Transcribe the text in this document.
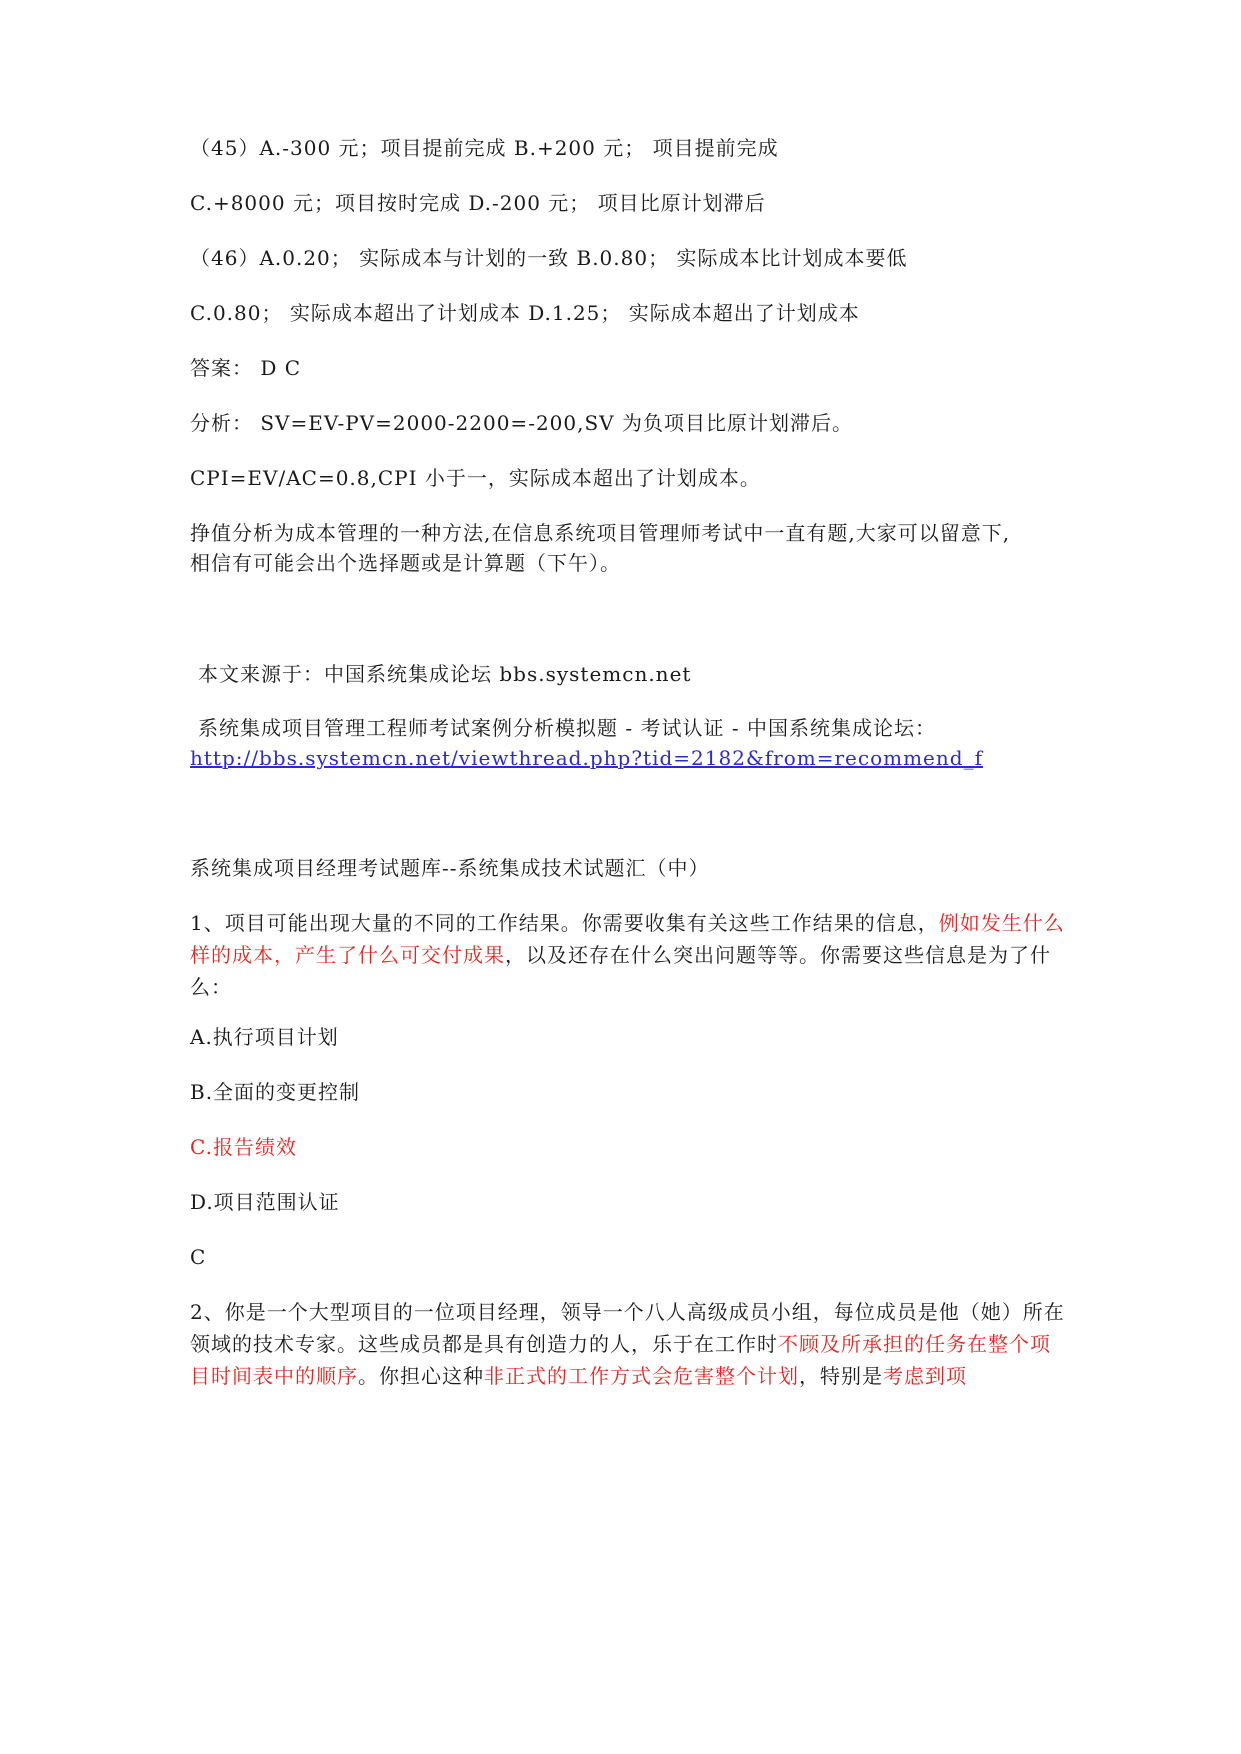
（45）A.-300 元；项目提前完成 B.+200 元； 项目提前完成
C.+8000 元；项目按时完成 D.-200 元； 项目比原计划滞后
（46）A.0.20； 实际成本与计划的一致 B.0.80； 实际成本比计划成本要低
C.0.80； 实际成本超出了计划成本 D.1.25； 实际成本超出了计划成本
答案： D C
分析： SV=EV-PV=2000-2200=-200,SV 为负项目比原计划滞后。
CPI=EV/AC=0.8,CPI 小于一，实际成本超出了计划成本。
挣值分析为成本管理的一种方法,在信息系统项目管理师考试中一直有题,大家可以留意下,
相信有可能会出个选择题或是计算题（下午）。
本文来源于：中国系统集成论坛 bbs.systemcn.net
系统集成项目管理工程师考试案例分析模拟题 - 考试认证 - 中国系统集成论坛：
http://bbs.systemcn.net/viewthread.php?tid=2182&from=recommend_f
系统集成项目经理考试题库--系统集成技术试题汇（中）
1、项目可能出现大量的不同的工作结果。你需要收集有关这些工作结果的信息，例如发生什么样的成本，产生了什么可交付成果，以及还存在什么突出问题等等。你需要这些信息是为了什么：
A.执行项目计划
B.全面的变更控制
C.报告绩效
D.项目范围认证
C
2、你是一个大型项目的一位项目经理，领导一个八人高级成员小组，每位成员是他（她）所在领域的技术专家。这些成员都是具有创造力的人，乐于在工作时不顾及所承担的任务在整个项目时间表中的顺序。你担心这种非正式的工作方式会危害整个计划，特别是考虑到项
